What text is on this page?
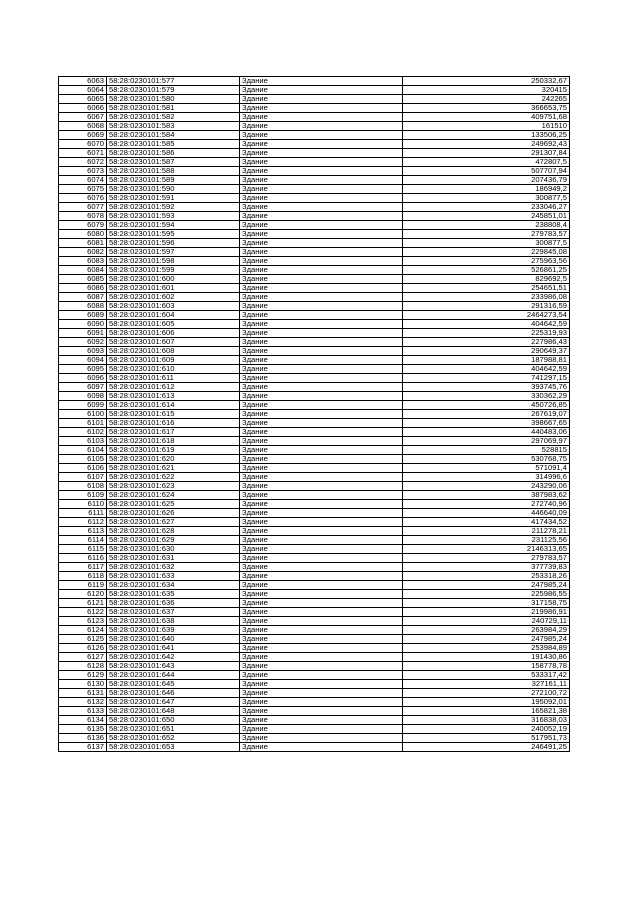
6063	58:28:0230101:577	Здание	250332,67
6064	58:28:0230101:579	Здание	320415
6065	58:28:0230101:580	Здание	242265
6066	58:28:0230101:581	Здание	366653,75
6067	58:28:0230101:582	Здание	409751,68
6068	58:28:0230101:583	Здание	161510
6069	58:28:0230101:584	Здание	133506,25
6070	58:28:0230101:585	Здание	249692,43
6071	58:28:0230101:586	Здание	291307,84
6072	58:28:0230101:587	Здание	472807,5
6073	58:28:0230101:588	Здание	507707,94
6074	58:28:0230101:589	Здание	207436,79
6075	58:28:0230101:590	Здание	186949,2
6076	58:28:0230101:591	Здание	300877,5
6077	58:28:0230101:592	Здание	233046,27
6078	58:28:0230101:593	Здание	245851,01
6079	58:28:0230101:594	Здание	238808,4
6080	58:28:0230101:595	Здание	279783,57
6081	58:28:0230101:596	Здание	300877,5
6082	58:28:0230101:597	Здание	229845,08
6083	58:28:0230101:598	Здание	275963,56
6084	58:28:0230101:599	Здание	526861,25
6085	58:28:0230101:600	Здание	829692,5
6086	58:28:0230101:601	Здание	254651,51
6087	58:28:0230101:602	Здание	233986,08
6088	58:28:0230101:603	Здание	291316,59
6089	58:28:0230101:604	Здание	2464273,54
6090	58:28:0230101:605	Здание	404642,59
6091	58:28:0230101:606	Здание	225319,93
6092	58:28:0230101:607	Здание	227986,43
6093	58:28:0230101:608	Здание	290649,37
6094	58:28:0230101:609	Здание	187988,81
6095	58:28:0230101:610	Здание	404642,59
6096	58:28:0230101:611	Здание	741297,15
6097	58:28:0230101:612	Здание	393745,76
6098	58:28:0230101:613	Здание	330362,29
6099	58:28:0230101:614	Здание	450726,85
6100	58:28:0230101:615	Здание	267619,07
6101	58:28:0230101:616	Здание	398667,65
6102	58:28:0230101:617	Здание	440483,06
6103	58:28:0230101:618	Здание	297069,97
6104	58:28:0230101:619	Здание	528815
6105	58:28:0230101:620	Здание	530768,75
6106	58:28:0230101:621	Здание	571091,4
6107	58:28:0230101:622	Здание	314996,6
6108	58:28:0230101:623	Здание	243290,06
6109	58:28:0230101:624	Здание	387983,62
6110	58:28:0230101:625	Здание	272740,96
6111	58:28:0230101:626	Здание	446640,09
6112	58:28:0230101:627	Здание	417434,52
6113	58:28:0230101:628	Здание	211278,21
6114	58:28:0230101:629	Здание	231125,56
6115	58:28:0230101:630	Здание	2146313,65
6116	58:28:0230101:631	Здание	279783,57
6117	58:28:0230101:632	Здание	377739,83
6118	58:28:0230101:633	Здание	253318,26
6119	58:28:0230101:634	Здание	247985,24
6120	58:28:0230101:635	Здание	225986,55
6121	58:28:0230101:636	Здание	317158,75
6122	58:28:0230101:637	Здание	219986,91
6123	58:28:0230101:638	Здание	240729,11
6124	58:28:0230101:639	Здание	263984,29
6125	58:28:0230101:640	Здание	247985,24
6126	58:28:0230101:641	Здание	253984,89
6127	58:28:0230101:642	Здание	191430,86
6128	58:28:0230101:643	Здание	158778,78
6129	58:28:0230101:644	Здание	533317,42
6130	58:28:0230101:645	Здание	327161,11
6131	58:28:0230101:646	Здание	272100,72
6132	58:28:0230101:647	Здание	195092,01
6133	58:28:0230101:648	Здание	165821,38
6134	58:28:0230101:650	Здание	316838,03
6135	58:28:0230101:651	Здание	240052,19
6136	58:28:0230101:652	Здание	517951,73
6137	58:28:0230101:653	Здание	246491,25
